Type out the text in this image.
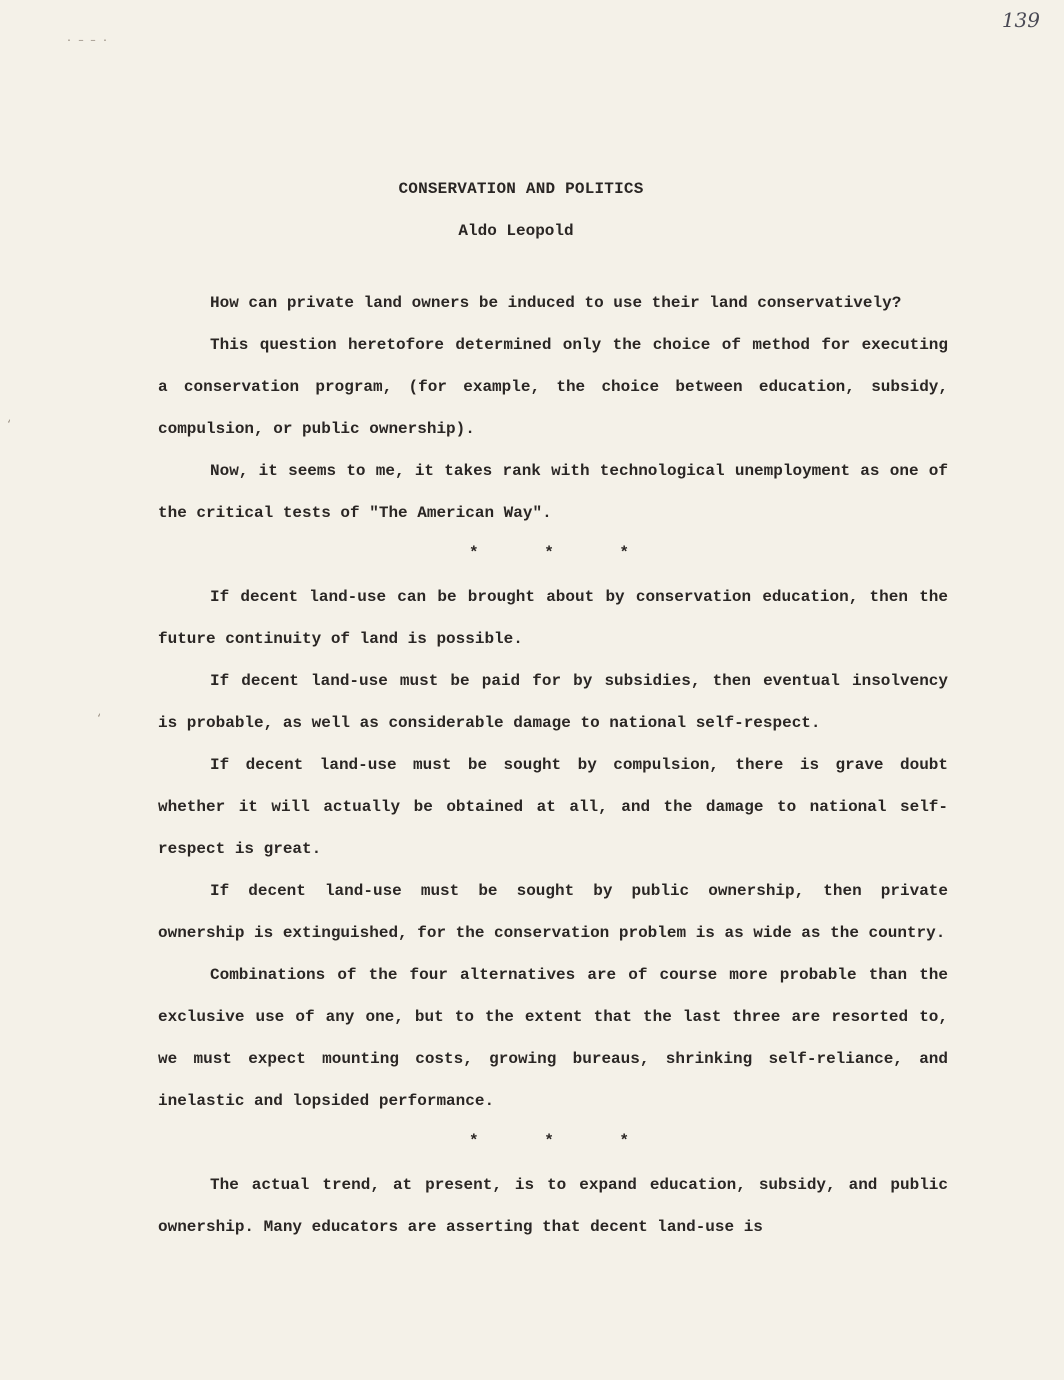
139
CONSERVATION AND POLITICS
Aldo Leopold

How can private land owners be induced to use their land conservatively?

This question heretofore determined only the choice of method for executing a conservation program, (for example, the choice between education, subsidy, compulsion, or public ownership).

Now, it seems to me, it takes rank with technological unemployment as one of the critical tests of "The American Way".

* * *

If decent land-use can be brought about by conservation education, then the future continuity of land is possible.

If decent land-use must be paid for by subsidies, then eventual insolvency is probable, as well as considerable damage to national self-respect.

If decent land-use must be sought by compulsion, there is grave doubt whether it will actually be obtained at all, and the damage to national self-respect is great.

If decent land-use must be sought by public ownership, then private ownership is extinguished, for the conservation problem is as wide as the country.

Combinations of the four alternatives are of course more probable than the exclusive use of any one, but to the extent that the last three are resorted to, we must expect mounting costs, growing bureaus, shrinking self-reliance, and inelastic and lopsided performance.

* * *

The actual trend, at present, is to expand education, subsidy, and public ownership. Many educators are asserting that decent land-use is

‘
‘
· – – ·
